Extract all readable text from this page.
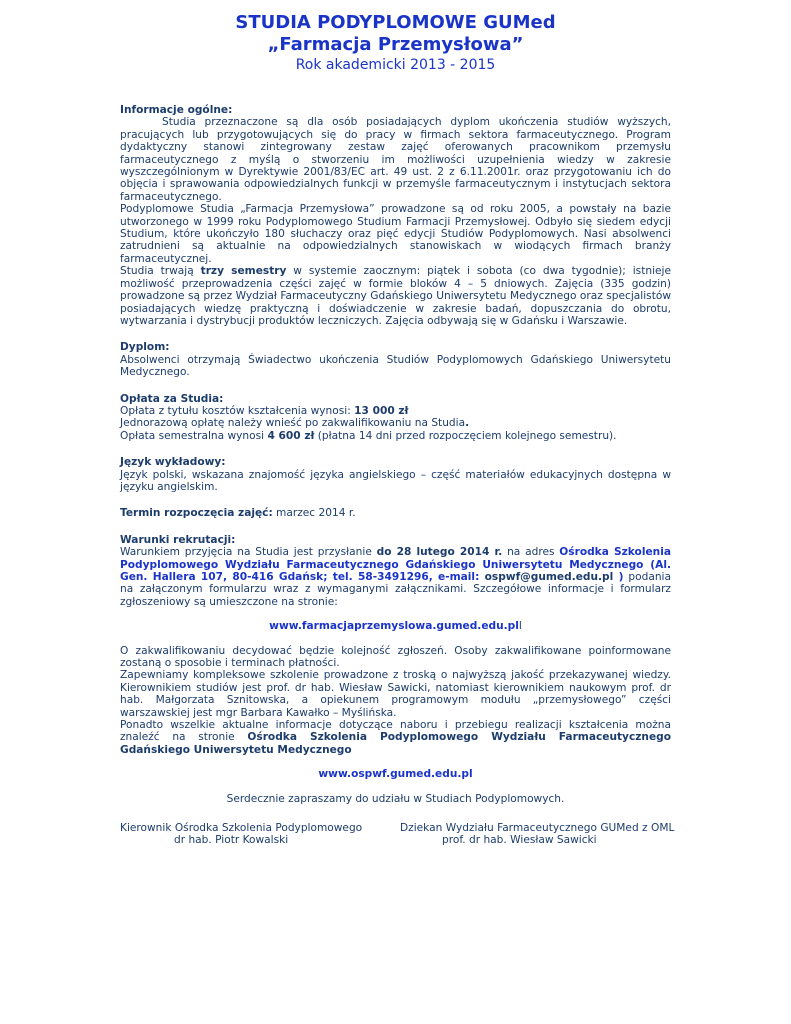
STUDIA PODYPLOMOWE GUMed
„Farmacja Przemysłowa”
Rok akademicki 2013 - 2015

Informacje ogólne:

Studia przeznaczone są dla osób posiadających dyplom ukończenia studiów wyższych, pracujących lub przygotowujących się do pracy w firmach sektora farmaceutycznego. Program dydaktyczny stanowi zintegrowany zestaw zajęć oferowanych pracownikom przemysłu farmaceutycznego z myślą o stworzeniu im możliwości uzupełnienia wiedzy w zakresie wyszczególnionym w Dyrektywie 2001/83/EC art. 49 ust. 2 z 6.11.2001r. oraz przygotowaniu ich do objęcia i sprawowania odpowiedzialnych funkcji w przemyśle farmaceutycznym i instytucjach sektora farmaceutycznego.

Podyplomowe Studia „Farmacja Przemysłowa” prowadzone są od roku 2005, a powstały na bazie utworzonego w 1999 roku Podyplomowego Studium Farmacji Przemysłowej. Odbyło się siedem edycji Studium, które ukończyło 180 słuchaczy oraz pięć edycji Studiów Podyplomowych. Nasi absolwenci zatrudnieni są aktualnie na odpowiedzialnych stanowiskach w wiodących firmach branży farmaceutycznej.

Studia trwają trzy semestry w systemie zaocznym: piątek i sobota (co dwa tygodnie); istnieje możliwość przeprowadzenia części zajęć w formie bloków 4 – 5 dniowych. Zajęcia (335 godzin) prowadzone są przez Wydział Farmaceutyczny Gdańskiego Uniwersytetu Medycznego oraz specjalistów posiadających wiedzę praktyczną i doświadczenie w zakresie badań, dopuszczania do obrotu, wytwarzania i dystrybucji produktów leczniczych. Zajęcia odbywają się w Gdańsku i Warszawie.

Dyplom:

Absolwenci otrzymają Świadectwo ukończenia Studiów Podyplomowych Gdańskiego Uniwersytetu Medycznego.

Opłata za Studia:

Opłata z tytułu kosztów kształcenia wynosi: 13 000 zł

Jednorazową opłatę należy wnieść po zakwalifikowaniu na Studia.

Opłata semestralna wynosi 4 600 zł (płatna 14 dni przed rozpoczęciem kolejnego semestru).

Język wykładowy:

Język polski, wskazana znajomość języka angielskiego – część materiałów edukacyjnych dostępna w języku angielskim.

Termin rozpoczęcia zajęć: marzec 2014 r.

Warunki rekrutacji:

Warunkiem przyjęcia na Studia jest przysłanie do 28 lutego 2014 r. na adres Ośrodka Szkolenia Podyplomowego Wydziału Farmaceutycznego Gdańskiego Uniwersytetu Medycznego (Al. Gen. Hallera 107, 80-416 Gdańsk; tel. 58-3491296, e-mail: ospwf@gumed.edu.pl ) podania na załączonym formularzu wraz z wymaganymi załącznikami. Szczegółowe informacje i formularz zgłoszeniowy są umieszczone na stronie:

www.farmacjaprzemyslowa.gumed.edu.pll

O zakwalifikowaniu decydować będzie kolejność zgłoszeń. Osoby zakwalifikowane poinformowane zostaną o sposobie i terminach płatności.

Zapewniamy kompleksowe szkolenie prowadzone z troską o najwyższą jakość przekazywanej wiedzy. Kierownikiem studiów jest prof. dr hab. Wiesław Sawicki, natomiast kierownikiem naukowym prof. dr hab. Małgorzata Sznitowska, a opiekunem programowym modułu „przemysłowego” części warszawskiej jest mgr Barbara Kawałko – Myślińska.

Ponadto wszelkie aktualne informacje dotyczące naboru i przebiegu realizacji kształcenia można znaleźć na stronie Ośrodka Szkolenia Podyplomowego Wydziału Farmaceutycznego Gdańskiego Uniwersytetu Medycznego

www.ospwf.gumed.edu.pl

Serdecznie zapraszamy do udziału w Studiach Podyplomowych.

Kierownik Ośrodka Szkolenia Podyplomowego
dr hab. Piotr Kowalski
Dziekan Wydziału Farmaceutycznego GUMed z OML
prof. dr hab. Wiesław Sawicki
